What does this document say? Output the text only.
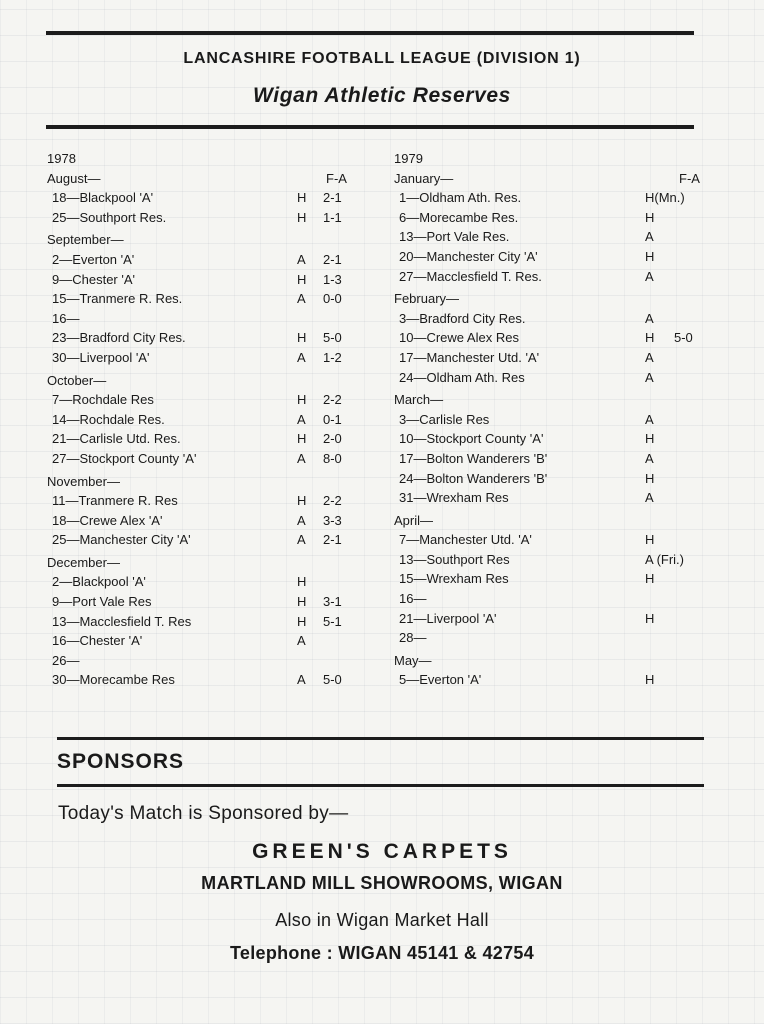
LANCASHIRE FOOTBALL LEAGUE (DIVISION 1)
Wigan Athletic Reserves
1978
August—	F-A
18—Blackpool 'A'	H 2-1
25—Southport Res.	H 1-1
September—
2—Everton 'A'	A 2-1
9—Chester 'A'	H 1-3
15—Tranmere R. Res.	A 0-0
16—
23—Bradford City Res.	H 5-0
30—Liverpool 'A'	A 1-2
October—
7—Rochdale Res	H 2-2
14—Rochdale Res.	A 0-1
21—Carlisle Utd. Res.	H 2-0
27—Stockport County 'A'	A 8-0
November—
11—Tranmere R. Res	H 2-2
18—Crewe Alex 'A'	A 3-3
25—Manchester City 'A'	A 2-1
December—
2—Blackpool 'A'	H
9—Port Vale Res	H 3-1
13—Macclesfield T. Res	H 5-1
16—Chester 'A'	A
26—
30—Morecambe Res	A 5-0
1979
January—	F-A
1—Oldham Ath. Res.	H(Mn.)
6—Morecambe Res.	H
13—Port Vale Res.	A
20—Manchester City 'A'	H
27—Macclesfield T. Res.	A
February—
3—Bradford City Res.	A
10—Crewe Alex Res	H 5-0
17—Manchester Utd. 'A'	A
24—Oldham Ath. Res	A
March—
3—Carlisle Res	A
10—Stockport County 'A'	H
17—Bolton Wanderers 'B'	A
24—Bolton Wanderers 'B'	H
31—Wrexham Res	A
April—
7—Manchester Utd. 'A'	H
13—Southport Res	A (Fri.)
15—Wrexham Res	H
16—
21—Liverpool 'A'	H
28—
May—
5—Everton 'A'	H
SPONSORS
Today's Match is Sponsored by—
GREEN'S CARPETS
MARTLAND MILL SHOWROOMS, WIGAN
Also in Wigan Market Hall
Telephone : WIGAN 45141 & 42754
